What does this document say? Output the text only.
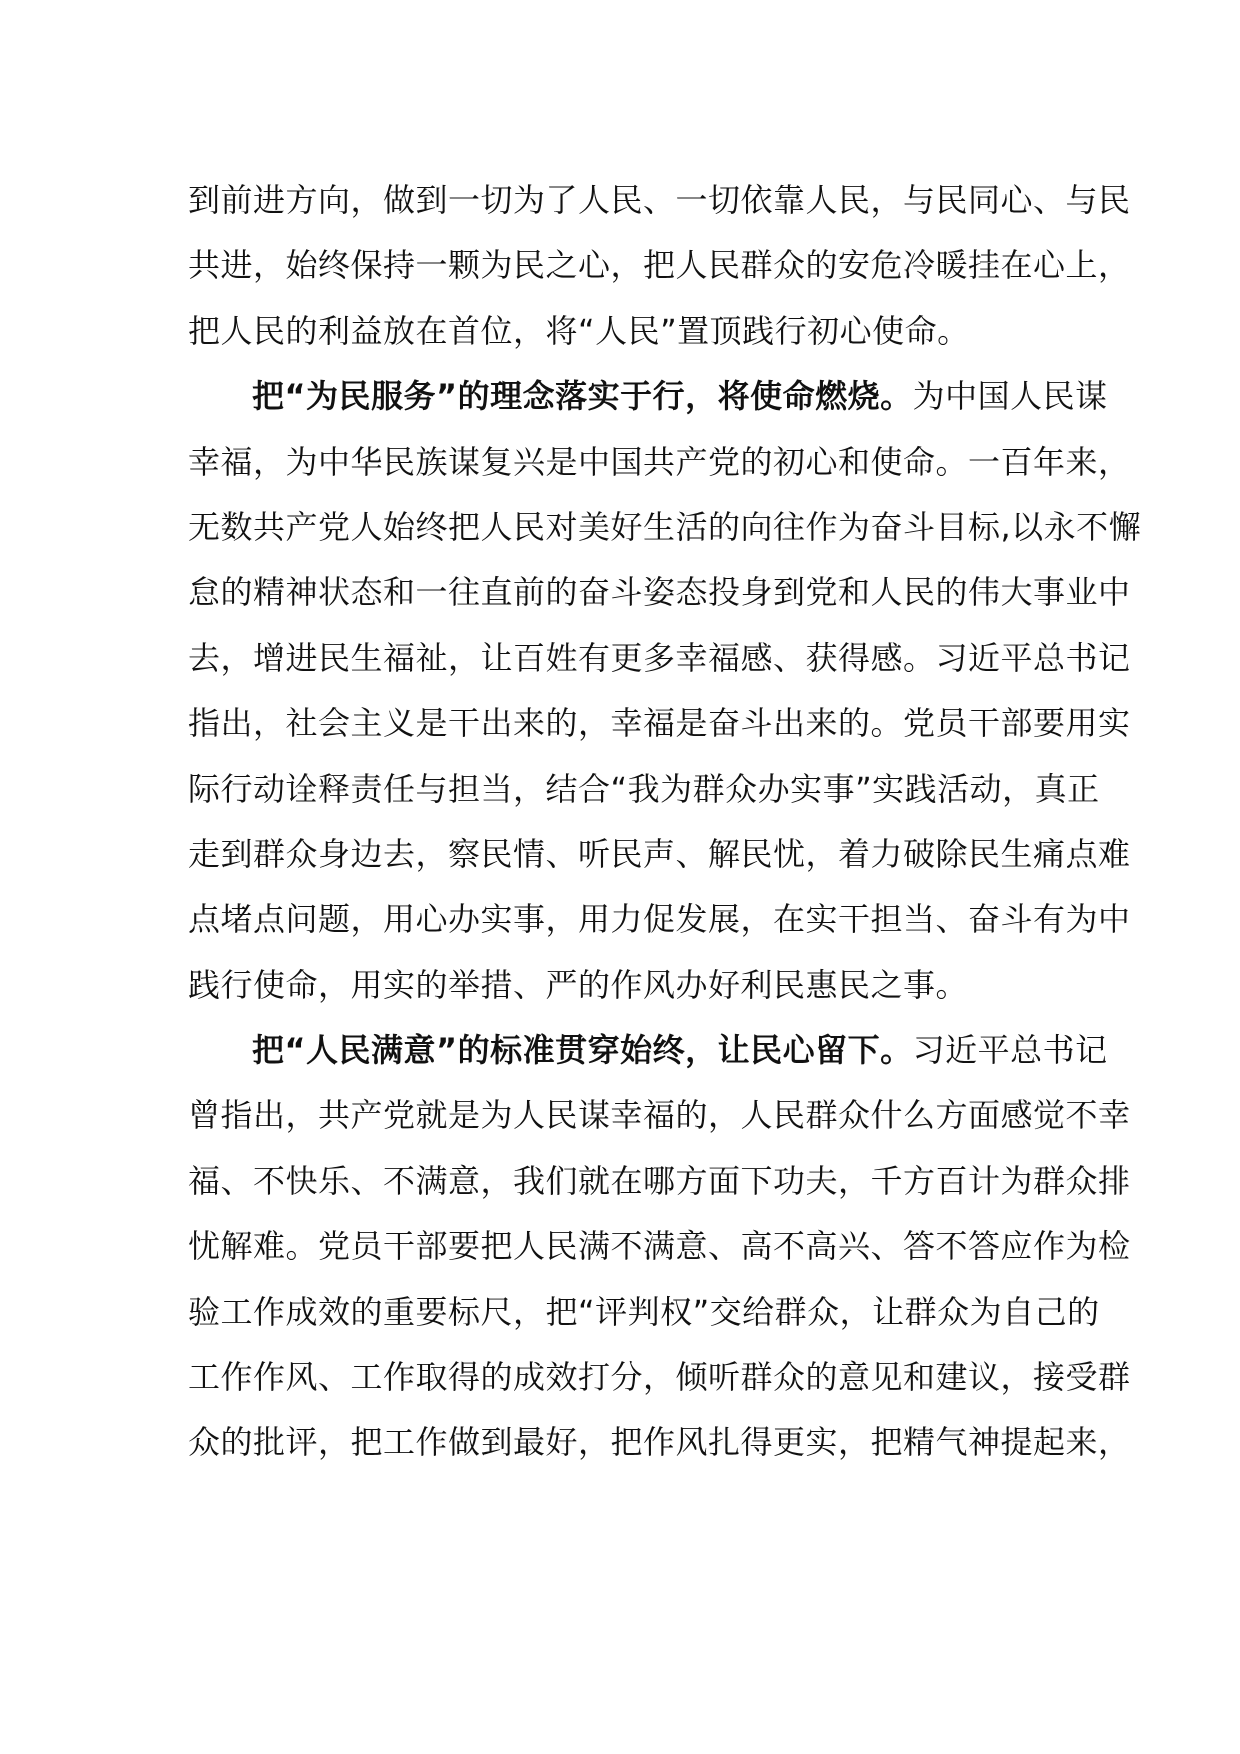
到前进方向，做到一切为了人民、一切依靠人民，与民同心、与民
共进，始终保持一颗为民之心，把人民群众的安危冷暖挂在心上，
把人民的利益放在首位，将“人民”置顶践行初心使命。
把“为民服务”的理念落实于行，将使命燃烧。为中国人民谋
幸福，为中华民族谋复兴是中国共产党的初心和使命。一百年来，
无数共产党人始终把人民对美好生活的向往作为奋斗目标,以永不懈
怠的精神状态和一往直前的奋斗姿态投身到党和人民的伟大事业中
去，增进民生福祉，让百姓有更多幸福感、获得感。习近平总书记
指出，社会主义是干出来的，幸福是奋斗出来的。党员干部要用实
际行动诠释责任与担当，结合“我为群众办实事”实践活动，真正
走到群众身边去，察民情、听民声、解民忧，着力破除民生痛点难
点堵点问题，用心办实事，用力促发展，在实干担当、奋斗有为中
践行使命，用实的举措、严的作风办好利民惠民之事。
把“人民满意”的标准贯穿始终，让民心留下。习近平总书记
曾指出，共产党就是为人民谋幸福的，人民群众什么方面感觉不幸
福、不快乐、不满意，我们就在哪方面下功夫，千方百计为群众排
忧解难。党员干部要把人民满不满意、高不高兴、答不答应作为检
验工作成效的重要标尺，把“评判权”交给群众，让群众为自己的
工作作风、工作取得的成效打分，倾听群众的意见和建议，接受群
众的批评，把工作做到最好，把作风扎得更实，把精气神提起来，
